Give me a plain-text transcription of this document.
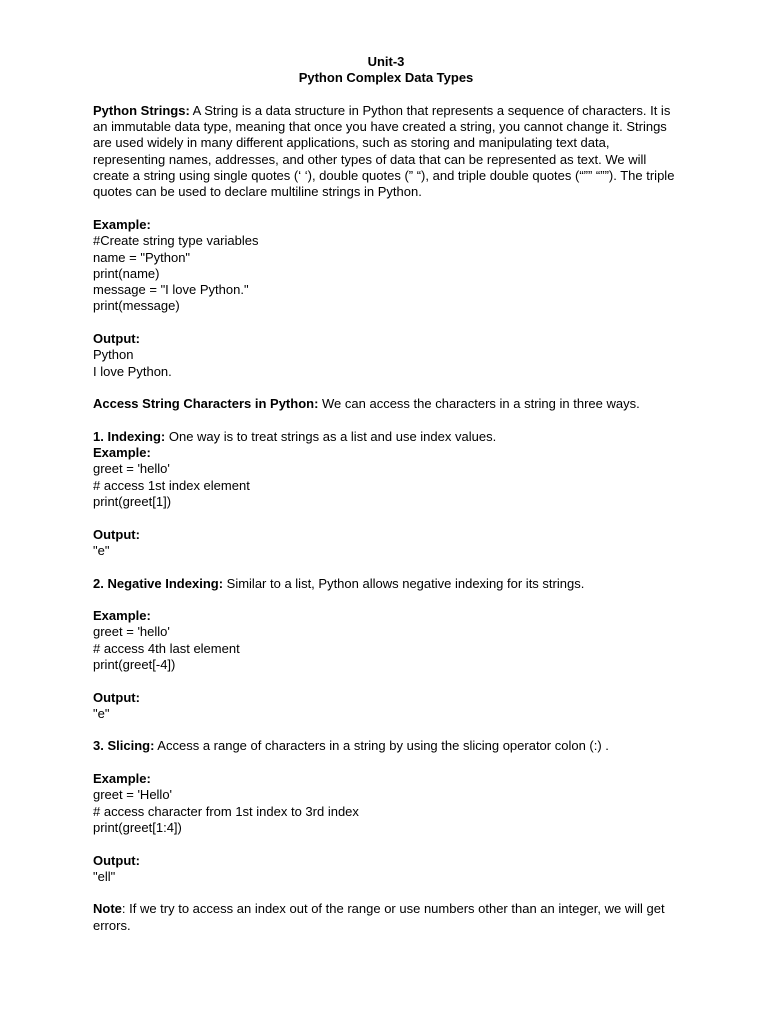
Unit-3
Python Complex Data Types

Python Strings: A String is a data structure in Python that represents a sequence of characters. It is an immutable data type, meaning that once you have created a string, you cannot change it. Strings are used widely in many different applications, such as storing and manipulating text data, representing names, addresses, and other types of data that can be represented as text. We will create a string using single quotes (‘ ‘), double quotes (” “), and triple double quotes (“”” “””). The triple quotes can be used to declare multiline strings in Python.

Example:
#Create string type variables
name = "Python"
print(name)
message = "I love Python."
print(message)
Output:
Python
I love Python.

Access String Characters in Python: We can access the characters in a string in three ways.

1. Indexing: One way is to treat strings as a list and use index values.

Example:
greet = 'hello'
# access 1st index element
print(greet[1])
Output:
"e"

2. Negative Indexing: Similar to a list, Python allows negative indexing for its strings.

Example:
greet = 'hello'
# access 4th last element
print(greet[-4])
Output:
"e"

3. Slicing: Access a range of characters in a string by using the slicing operator colon (:) .

Example:
greet = 'Hello'
# access character from 1st index to 3rd index
print(greet[1:4])
Output:
"ell"

Note: If we try to access an index out of the range or use numbers other than an integer, we will get errors.
